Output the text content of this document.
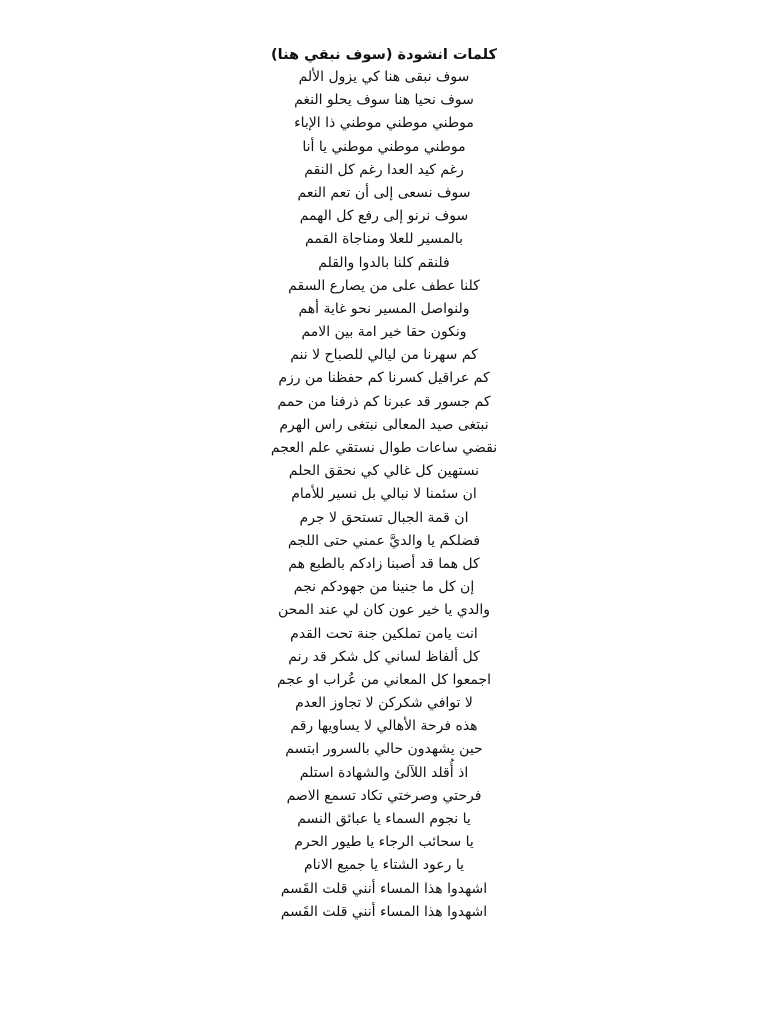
كلمات انشودة (سوف نبقي هنا)
سوف نبقى هنا كي يزول الألم
سوف نحيا هنا سوف يحلو النغم
موطني موطني موطني ذا الإباء
موطني موطني موطني يا أنا
رغم كيد العدا رغم كل النقم
سوف نسعى إلى أن تعم النعم
سوف نرنو إلى رفع كل الهمم
بالمسير للعلا ومناجاة القمم
فلنقم كلنا بالدوا والقلم
كلنا عطف على من يصارع السقم
ولنواصل المسير نحو غاية أهم
ونكون حقا خير امة بين الامم
كم سهرنا من ليالي للصباح لا ننم
كم عراقيل كسرنا كم حفظنا من رزم
كم جسور قد عبرنا كم ذرفنا من حمم
نبتغى صيد المعالى نبتغى راس الهرم
نقضي ساعات طوال نستقي علم العجم
نستهين كل غالي كي نحقق الحلم
ان سئمنا لا نبالي بل نسير للأمام
ان قمة الجبال تستحق لا جرم
فضلكم يا والديَّ عمني حتى اللجم
كل هما قد أصبنا زادكم بالطبع هم
إن كل ما جنينا من جهودكم نجم
والدي يا خير عون كان لي عند المحن
انت يامن تملكين جنة تحت القدم
كل ألفاظ لساني كل شكر قد رنم
اجمعوا كل المعاني من عُراب او عجم
لا توافي شكركن لا تجاوز العدم
هذه فرحة الأهالي لا يساويها رقم
حين يشهدون حالي بالسرور ابتسم
اذ أُقلد اللآلئ والشهادة استلم
فرحتي وصرختي تكاد تسمع الاصم
يا نجوم السماء يا عبائق النسم
يا سحائب الرجاء يا طيور الحرم
يا رعود الشتاء يا جميع الانام
اشهدوا هذا المساء أنني قلت القَسم
اشهدوا هذا المساء أنني قلت القَسم
